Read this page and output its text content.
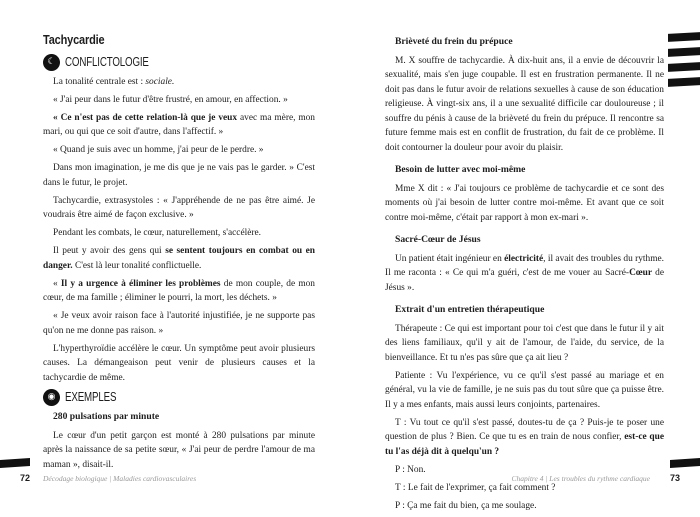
Tachycardie
☾ CONFLICTOLOGIE

La tonalité centrale est : sociale.

« J'ai peur dans le futur d'être frustré, en amour, en affection. »

« Ce n'est pas de cette relation-là que je veux avec ma mère, mon mari, ou qui que ce soit d'autre, dans l'affectif. »

« Quand je suis avec un homme, j'ai peur de le perdre. »

Dans mon imagination, je me dis que je ne vais pas le garder. » C'est dans le futur, le projet.

Tachycardie, extrasystoles : « J'appréhende de ne pas être aimé. Je voudrais être aimé de façon exclusive. »

Pendant les combats, le cœur, naturellement, s'accélère.

Il peut y avoir des gens qui se sentent toujours en combat ou en danger. C'est là leur tonalité conflictuelle.

« Il y a urgence à éliminer les problèmes de mon couple, de mon cœur, de ma famille ; éliminer le pourri, la mort, les déchets. »

« Je veux avoir raison face à l'autorité injustifiée, je ne supporte pas qu'on ne me donne pas raison. »

L'hyperthyroïdie accélère le cœur. Un symptôme peut avoir plusieurs causes. La démangeaison peut venir de plusieurs causes et la tachycardie de même.

◉ EXEMPLES
280 pulsations par minute

Le cœur d'un petit garçon est monté à 280 pulsations par minute après la naissance de sa petite sœur, « J'ai peur de perdre l'amour de ma maman », disait-il.

72 Décodage biologique | Maladies cardiovasculaires
Brièveté du frein du prépuce

M. X souffre de tachycardie. À dix-huit ans, il a envie de découvrir la sexualité, mais s'en juge coupable. Il est en frustration permanente. Il ne doit pas dans le futur avoir de relations sexuelles à cause de son éducation religieuse. À vingt-six ans, il a une sexualité difficile car douloureuse ; il souffre du pénis à cause de la brièveté du frein du prépuce. Il rencontre sa future femme mais est en conflit de frustration, du fait de ce problème. Il doit contourner la douleur pour avoir du plaisir.

Besoin de lutter avec moi-même

Mme X dit : « J'ai toujours ce problème de tachycardie et ce sont des moments où j'ai besoin de lutter contre moi-même. Et avant que ce soit contre moi-même, c'était par rapport à mon ex-mari ».

Sacré-Cœur de Jésus

Un patient était ingénieur en électricité, il avait des troubles du rythme. Il me raconta : « Ce qui m'a guéri, c'est de me vouer au Sacré-Cœur de Jésus ».

Extrait d'un entretien thérapeutique

Thérapeute : Ce qui est important pour toi c'est que dans le futur il y ait des liens familiaux, qu'il y ait de l'amour, de l'aide, du service, de la bienveillance. Et tu n'es pas sûre que ça ait lieu ?

Patiente : Vu l'expérience, vu ce qu'il s'est passé au mariage et en général, vu la vie de famille, je ne suis pas du tout sûre que ça puisse être. Il y a mes enfants, mais aussi leurs conjoints, partenaires.

T : Vu tout ce qu'il s'est passé, doutes-tu de ça ? Puis-je te poser une question de plus ? Bien. Ce que tu es en train de nous confier, est-ce que tu l'as déjà dit à quelqu'un ?

P : Non.

T : Le fait de l'exprimer, ça fait comment ?

P : Ça me fait du bien, ça me soulage.

Chapitre 4 | Les troubles du rythme cardiaque 73
